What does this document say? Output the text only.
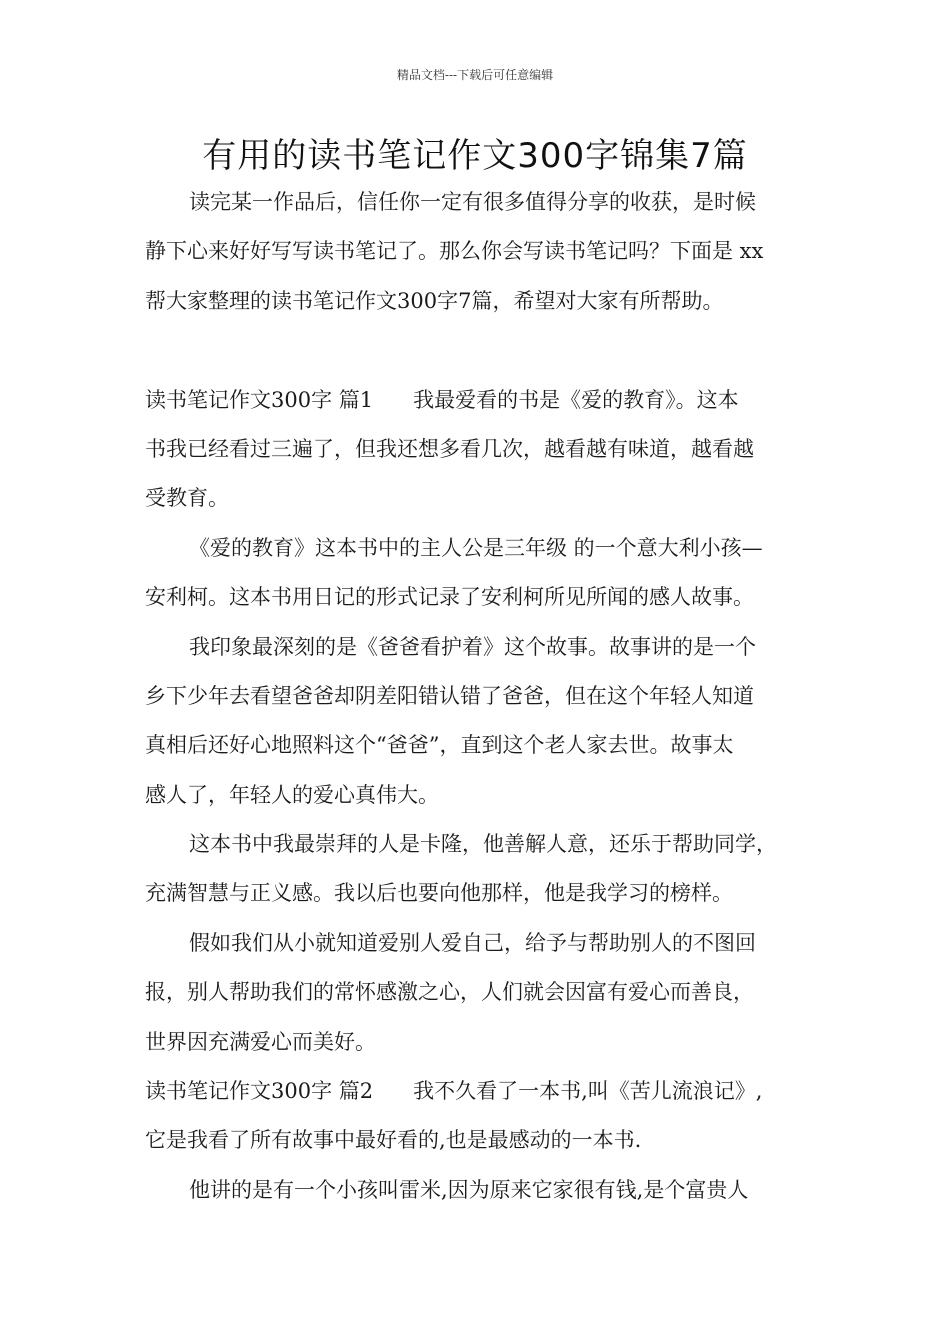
精品文档---下载后可任意编辑
有用的读书笔记作文300字锦集7篇
读完某一作品后，信任你一定有很多值得分享的收获，是时候
静下心来好好写写读书笔记了。那么你会写读书笔记吗？下面是 xx
帮大家整理的读书笔记作文300字7篇，希望对大家有所帮助。
读书笔记作文300字 篇1 我最爱看的书是《爱的教育》。这本
书我已经看过三遍了，但我还想多看几次，越看越有味道，越看越
受教育。
《爱的教育》这本书中的主人公是三年级 的一个意大利小孩—
安利柯。这本书用日记的形式记录了安利柯所见所闻的感人故事。
我印象最深刻的是《爸爸看护着》这个故事。故事讲的是一个
乡下少年去看望爸爸却阴差阳错认错了爸爸，但在这个年轻人知道
真相后还好心地照料这个“爸爸”，直到这个老人家去世。故事太
感人了，年轻人的爱心真伟大。
这本书中我最崇拜的人是卡隆，他善解人意，还乐于帮助同学，
充满智慧与正义感。我以后也要向他那样，他是我学习的榜样。
假如我们从小就知道爱别人爱自己，给予与帮助别人的不图回
报，别人帮助我们的常怀感激之心，人们就会因富有爱心而善良，
世界因充满爱心而美好。
读书笔记作文300字 篇2 我不久看了一本书,叫《苦儿流浪记》,
它是我看了所有故事中最好看的,也是最感动的一本书.
他讲的是有一个小孩叫雷米,因为原来它家很有钱,是个富贵人
